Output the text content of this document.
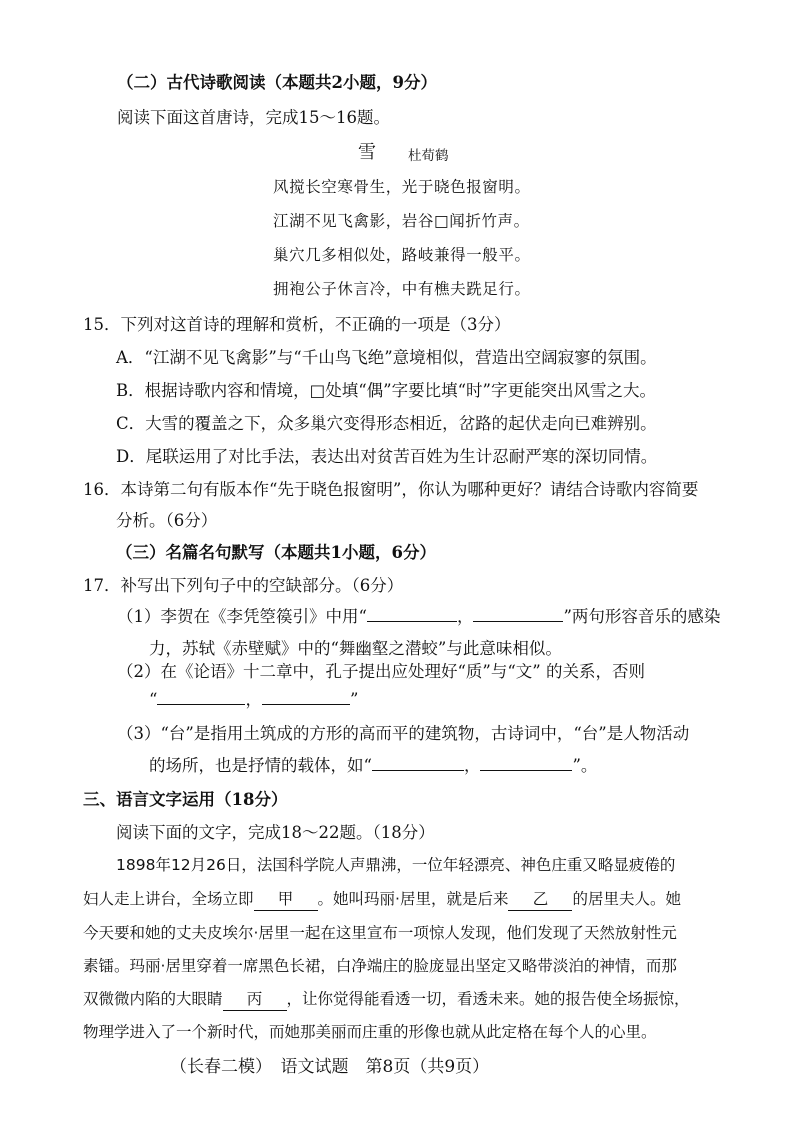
（二）古代诗歌阅读（本题共2小题，9分）
阅读下面这首唐诗，完成15～16题。
雪 杜荀鹤
风搅长空寒骨生，光于晓色报窗明。
江湖不见飞禽影，岩谷□闻折竹声。
巢穴几多相似处，路岐兼得一般平。
拥袍公子休言冷，中有樵夫跣足行。
15．下列对这首诗的理解和赏析，不正确的一项是（3分）
A．“江湖不见飞禽影”与“千山鸟飞绝”意境相似，营造出空阔寂寥的氛围。
B．根据诗歌内容和情境，□处填“偶”字要比填“时”字更能突出风雪之大。
C．大雪的覆盖之下，众多巢穴变得形态相近，岔路的起伏走向已难辨别。
D．尾联运用了对比手法，表达出对贫苦百姓为生计忍耐严寒的深切同情。
16．本诗第二句有版本作“先于晓色报窗明”，你认为哪种更好？请结合诗歌内容简要
分析。（6分）
（三）名篇名句默写（本题共1小题，6分）
17．补写出下列句子中的空缺部分。（6分）
（1）李贺在《李凭箜篌引》中用“	，	”两句形容音乐的感染
力，苏轼《赤壁赋》中的“舞幽壑之潜蛟”与此意味相似。
（2）在《论语》十二章中，孔子提出应处理好“质”与“文” 的关系，否则
“	，	”
（3）“台”是指用土筑成的方形的高而平的建筑物，古诗词中，“台”是人物活动
的场所，也是抒情的载体，如“	，	”。
三、语言文字运用（18分）
阅读下面的文字，完成18～22题。（18分）
1898年12月26日，法国科学院人声鼎沸，一位年轻漂亮、神色庄重又略显疲倦的
妇人走上讲台，全场立即 甲 。她叫玛丽·居里，就是后来 乙 的居里夫人。她
今天要和她的丈夫皮埃尔·居里一起在这里宣布一项惊人发现，他们发现了天然放射性元
素镭。玛丽·居里穿着一席黑色长裙，白净端庄的脸庞显出坚定又略带淡泊的神情，而那
双微微内陷的大眼睛 丙 ，让你觉得能看透一切，看透未来。她的报告使全场振惊，
物理学进入了一个新时代，而她那美丽而庄重的形像也就从此定格在每个人的心里。
（长春二模）　语文试题　第8页（共9页）
